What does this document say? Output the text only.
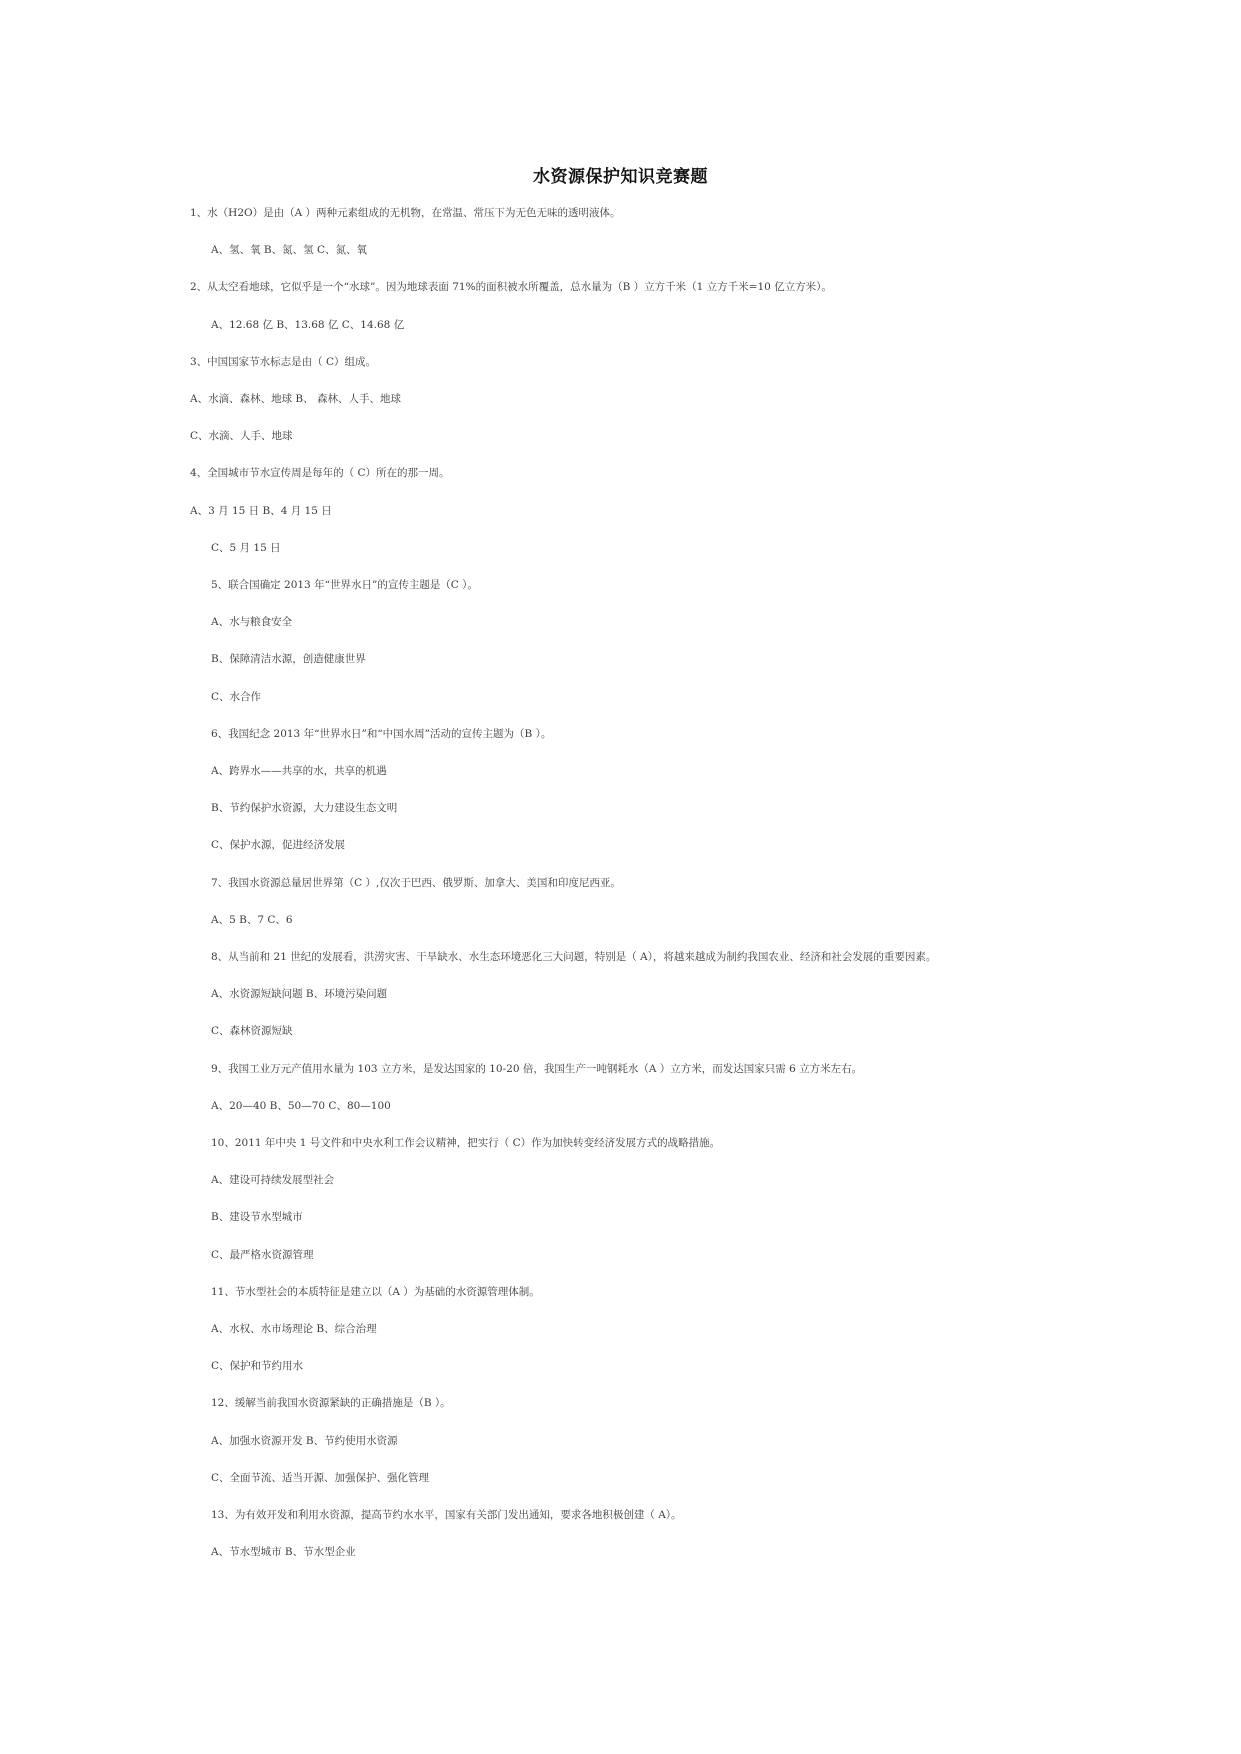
水资源保护知识竞赛题
1、水（H2O）是由（A ）两种元素组成的无机物，在常温、常压下为无色无味的透明液体。
A、氢、氧 B、氮、氢 C、氮、氧
2、从太空看地球，它似乎是一个“水球”。因为地球表面 71%的面积被水所覆盖，总水量为（B ）立方千米（1 立方千米=10 亿立方米）。
A、12.68 亿 B、13.68 亿 C、14.68 亿
3、中国国家节水标志是由（ C）组成。
A、水滴、森林、地球 B、 森林、人手、地球
C、水滴、人手、地球
4、全国城市节水宣传周是每年的（ C）所在的那一周。
A、3 月 15 日 B、4 月 15 日
C、5 月 15 日
5、联合国确定 2013 年“世界水日”的宣传主题是（C ）。
A、水与粮食安全
B、保障清洁水源，创造健康世界
C、水合作
6、我国纪念 2013 年“世界水日”和“中国水周”活动的宣传主题为（B ）。
A、跨界水——共享的水，共享的机遇
B、节约保护水资源，大力建设生态文明
C、保护水源，促进经济发展
7、我国水资源总量居世界第（C ）,仅次于巴西、俄罗斯、加拿大、美国和印度尼西亚。
A、5 B、7 C、6
8、从当前和 21 世纪的发展看，洪涝灾害、干旱缺水、水生态环境恶化三大问题，特别是（ A），将越来越成为制约我国农业、经济和社会发展的重要因素。
A、水资源短缺问题 B、环境污染问题
C、森林资源短缺
9、我国工业万元产值用水量为 103 立方米，是发达国家的 10-20 倍，我国生产一吨钢耗水（A ）立方米，而发达国家只需 6 立方米左右。
A、20—40 B、50—70 C、80—100
10、2011 年中央 1 号文件和中央水利工作会议精神，把实行（ C）作为加快转变经济发展方式的战略措施。
A、建设可持续发展型社会
B、建设节水型城市
C、最严格水资源管理
11、节水型社会的本质特征是建立以（A ）为基础的水资源管理体制。
A、水权、水市场理论 B、综合治理
C、保护和节约用水
12、缓解当前我国水资源紧缺的正确措施是（B ）。
A、加强水资源开发 B、节约使用水资源
C、全面节流、适当开源、加强保护、强化管理
13、为有效开发和利用水资源，提高节约水水平，国家有关部门发出通知，要求各地积极创建（ A）。
A、节水型城市 B、节水型企业
